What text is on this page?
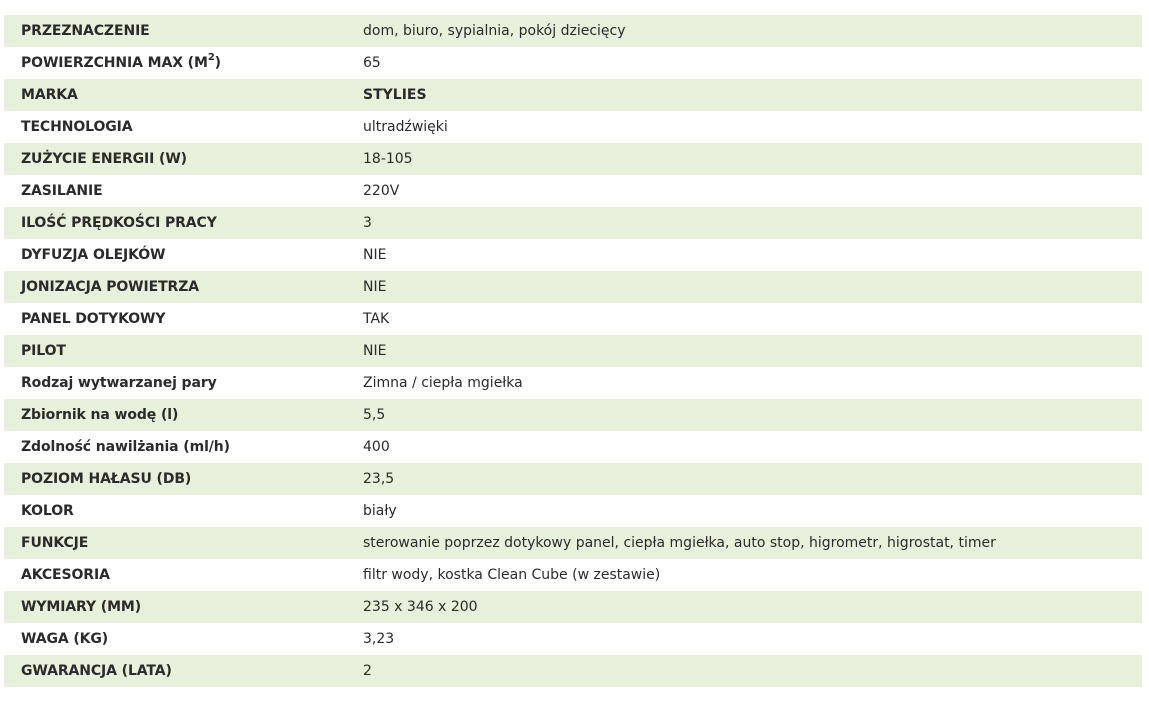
PRZEZNACZENIE	dom, biuro, sypialnia, pokój dziecięcy
POWIERZCHNIA MAX $(M^2)$	65
MARKA	STYLIES
TECHNOLOGIA	ultradźwięki
ZUŻYCIE ENERGII (W)	18-105
ZASILANIE	220V
ILOŚĆ PRĘDKOŚCI PRACY	3
DYFUZJA OLEJKÓW	NIE
JONIZACJA POWIETRZA	NIE
PANEL DOTYKOWY	TAK
PILOT	NIE
Rodzaj wytwarzanej pary	Zimna / ciepła mgiełka
Zbiornik na wodę (l)	5,5
Zdolność nawilżania (ml/h)	400
POZIOM HAŁASU (DB)	23,5
KOLOR	biały
FUNKCJE	sterowanie poprzez dotykowy panel, ciepła mgiełka, auto stop, higrometr, higrostat, timer
AKCESORIA	filtr wody, kostka Clean Cube (w zestawie)
WYMIARY (MM)	235 x 346 x 200
WAGA (KG)	3,23
GWARANCJA (LATA)	2
